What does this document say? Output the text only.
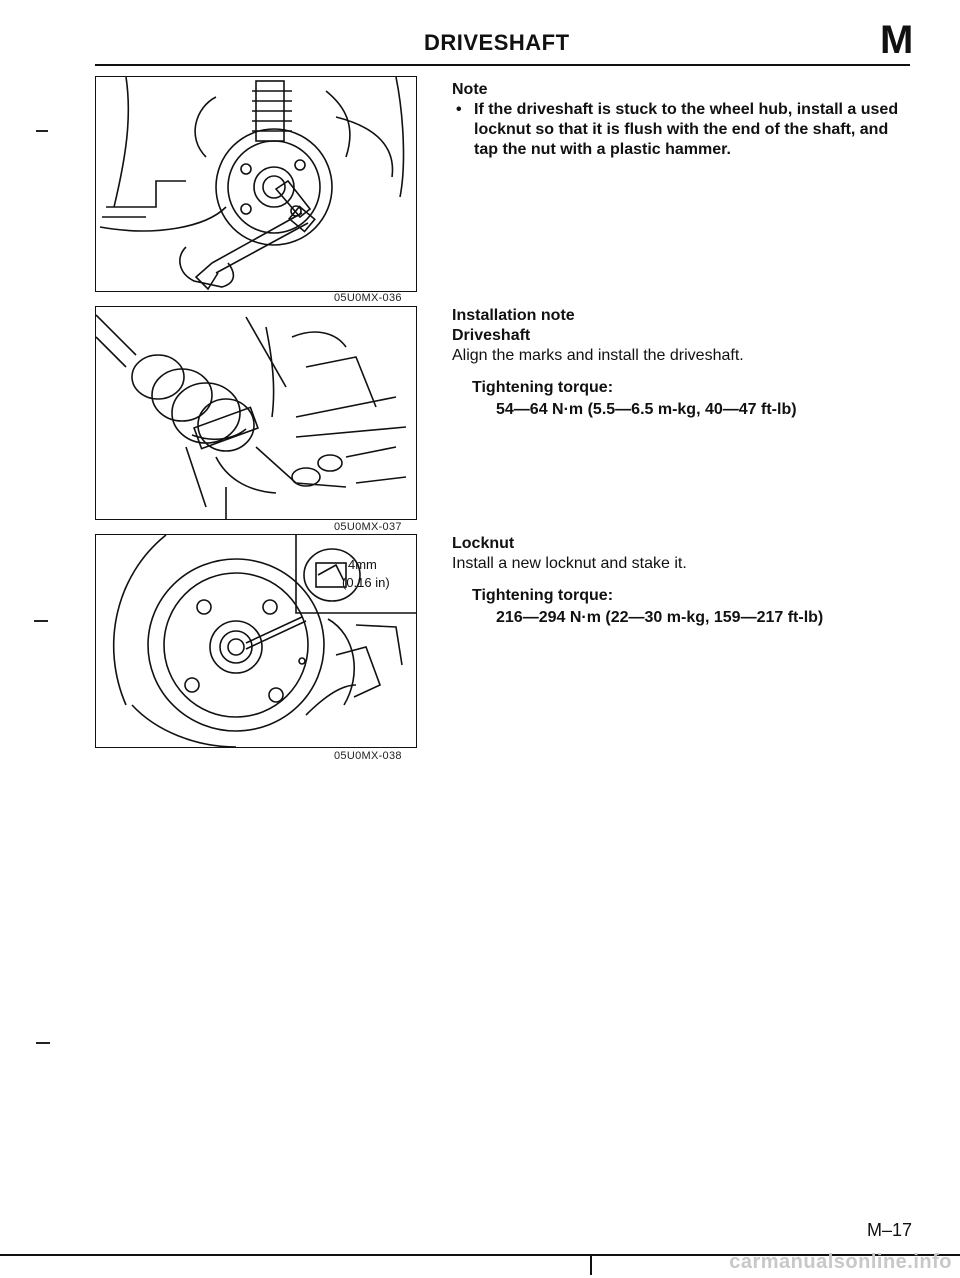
DRIVESHAFT	M
05U0MX-036
05U0MX-037
4mm
(0.16 in)
05U0MX-038

Note

• If the driveshaft is stuck to the wheel hub, install a used locknut so that it is flush with the end of the shaft, and tap the nut with a plastic hammer.

Installation note

Driveshaft

Align the marks and install the driveshaft.

Tightening torque:

54—64 N·m (5.5—6.5 m-kg, 40—47 ft-lb)

Locknut

Install a new locknut and stake it.

Tightening torque:

216—294 N·m (22—30 m-kg, 159—217 ft-lb)

M–17
carmanualsonline.info
